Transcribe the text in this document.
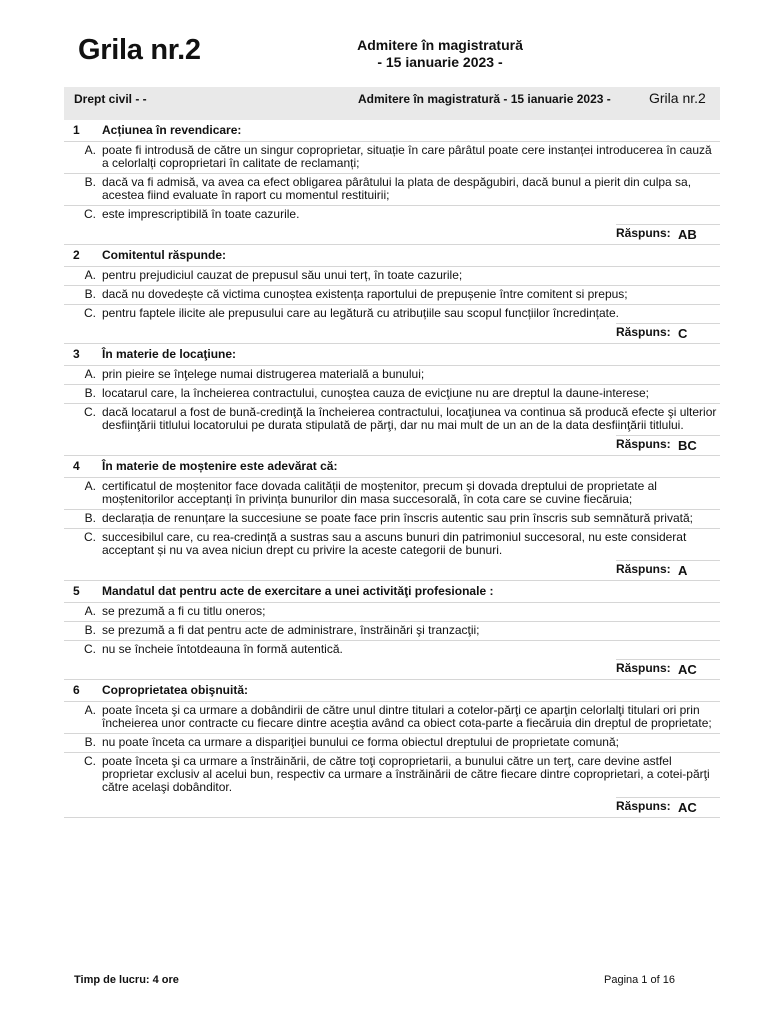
Grila nr.2	Admitere în magistratură
- 15 ianuarie 2023 -
Drept civil - -	Admitere în magistratură - 15 ianuarie 2023 -	Grila nr.2
1	Acțiunea în revendicare:
A. poate fi introdusă de către un singur coproprietar, situație în care pârâtul poate cere instanței introducerea în cauză a celorlalți coproprietari în calitate de reclamanți;
B. dacă va fi admisă, va avea ca efect obligarea pârâtului la plata de despăgubiri, dacă bunul a pierit din culpa sa, acestea fiind evaluate în raport cu momentul restituirii;
C. este imprescriptibilă în toate cazurile.
Răspuns: AB
2	Comitentul răspunde:
A. pentru prejudiciul cauzat de prepusul său unui terț, în toate cazurile;
B. dacă nu dovedește că victima cunoștea existența raportului de prepușenie între comitent si prepus;
C. pentru faptele ilicite ale prepusului care au legătură cu atribuțiile sau scopul funcțiilor încredințate.
Răspuns: C
3	În materie de locaţiune:
A. prin pieire se înţelege numai distrugerea materială a bunului;
B. locatarul care, la încheierea contractului, cunoştea cauza de evicţiune nu are dreptul la daune-interese;
C. dacă locatarul a fost de bună-credinţă la încheierea contractului, locaţiunea va continua să producă efecte şi ulterior desfiinţării titlului locatorului pe durata stipulată de părţi, dar nu mai mult de un an de la data desfiinţării titlului.
Răspuns: BC
4	În materie de moștenire este adevărat că:
A. certificatul de moștenitor face dovada calității de moștenitor, precum și dovada dreptului de proprietate al moștenitorilor acceptanți în privința bunurilor din masa succesorală, în cota care se cuvine fiecăruia;
B. declarația de renunțare la succesiune se poate face prin înscris autentic sau prin înscris sub semnătură privată;
C. succesibilul care, cu rea-credință a sustras sau a ascuns bunuri din patrimoniul succesoral, nu este considerat acceptant și nu va avea niciun drept cu privire la aceste categorii de bunuri.
Răspuns: A
5	Mandatul dat pentru acte de exercitare a unei activităţi profesionale :
A. se prezumă a fi cu titlu oneros;
B. se prezumă a fi dat pentru acte de administrare, înstrăinări şi tranzacţii;
C. nu se încheie întotdeauna în formă autentică.
Răspuns: AC
6	Coproprietatea obişnuită:
A. poate înceta şi ca urmare a dobândirii de către unul dintre titulari a cotelor-părţi ce aparţin celorlalţi titulari ori prin încheierea unor contracte cu fiecare dintre aceştia având ca obiect cota-parte a fiecăruia din dreptul de proprietate;
B. nu poate înceta ca urmare a dispariţiei bunului ce forma obiectul dreptului de proprietate comună;
C. poate înceta şi ca urmare a înstrăinării, de către toţi coproprietarii, a bunului către un terţ, care devine astfel proprietar exclusiv al acelui bun, respectiv ca urmare a înstrăinării de către fiecare dintre coproprietari, a cotei-părţi către acelaşi dobânditor.
Răspuns: AC
Timp de lucru: 4 ore	Pagina 1 of 16
